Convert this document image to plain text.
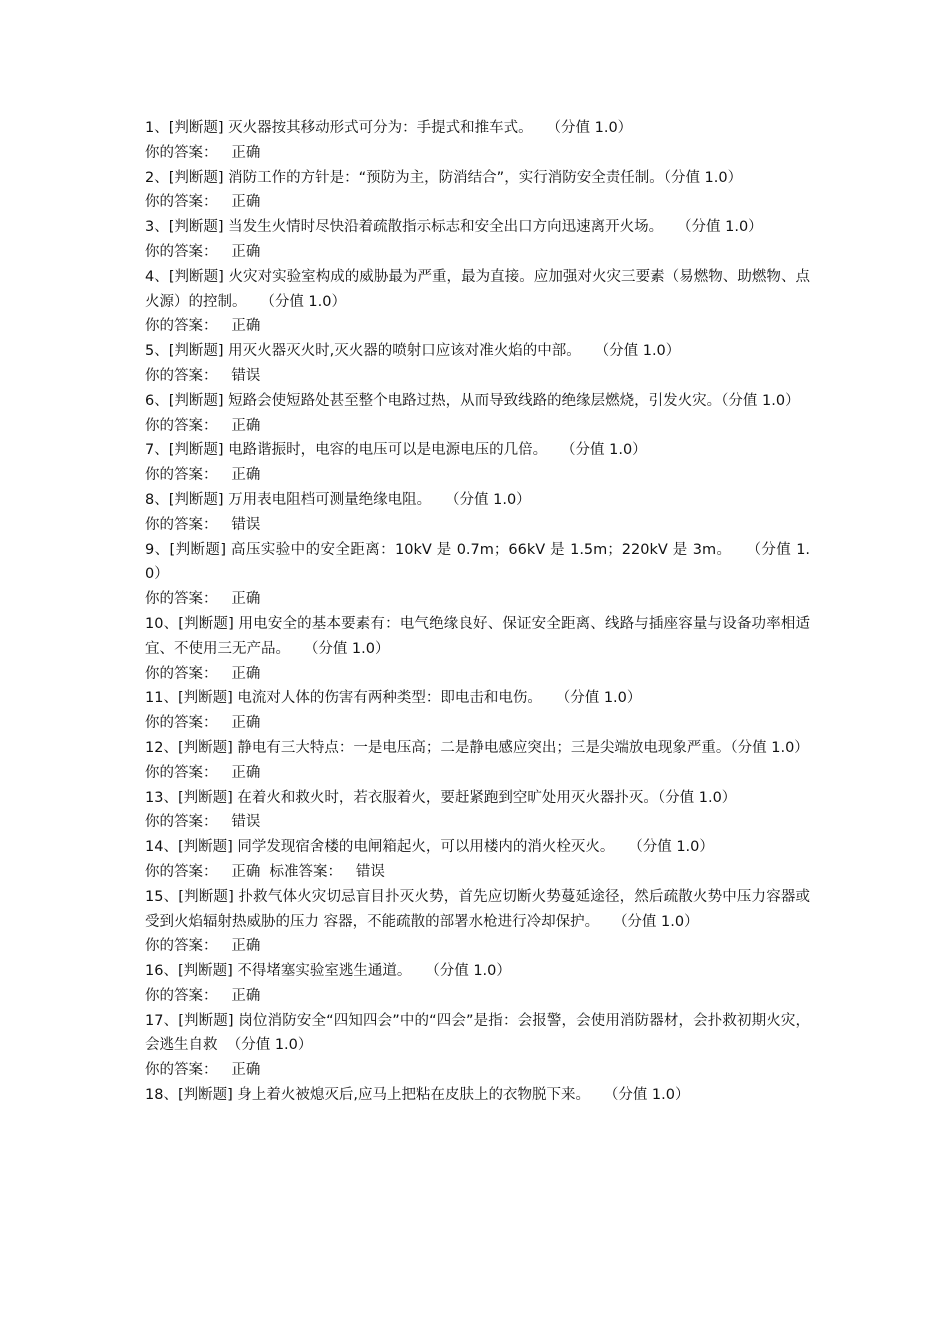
1、[判断题] 灭火器按其移动形式可分为：手提式和推车式。 （分值 1.0）
你的答案： 正确
2、[判断题] 消防工作的方针是：“预防为主，防消结合”，实行消防安全责任制。（分值 1.0）
你的答案： 正确
3、[判断题] 当发生火情时尽快沿着疏散指示标志和安全出口方向迅速离开火场。 （分值 1.0）
你的答案： 正确
4、[判断题] 火灾对实验室构成的威胁最为严重，最为直接。应加强对火灾三要素（易燃物、助燃物、点火源）的控制。 （分值 1.0）
你的答案： 正确
5、[判断题] 用灭火器灭火时,灭火器的喷射口应该对准火焰的中部。 （分值 1.0）
你的答案： 错误
6、[判断题] 短路会使短路处甚至整个电路过热，从而导致线路的绝缘层燃烧，引发火灾。（分值 1.0）
你的答案： 正确
7、[判断题] 电路谐振时，电容的电压可以是电源电压的几倍。 （分值 1.0）
你的答案： 正确
8、[判断题] 万用表电阻档可测量绝缘电阻。 （分值 1.0）
你的答案： 错误
9、[判断题] 高压实验中的安全距离：10kV 是 0.7m；66kV 是 1.5m；220kV 是 3m。 （分值 1.0）
你的答案： 正确
10、[判断题] 用电安全的基本要素有：电气绝缘良好、保证安全距离、线路与插座容量与设备功率相适宜、不使用三无产品。 （分值 1.0）
你的答案： 正确
11、[判断题] 电流对人体的伤害有两种类型：即电击和电伤。 （分值 1.0）
你的答案： 正确
12、[判断题] 静电有三大特点：一是电压高；二是静电感应突出；三是尖端放电现象严重。（分值 1.0）
你的答案： 正确
13、[判断题] 在着火和救火时，若衣服着火，要赶紧跑到空旷处用灭火器扑灭。（分值 1.0）
你的答案： 错误
14、[判断题] 同学发现宿舍楼的电闸箱起火，可以用楼内的消火栓灭火。 （分值 1.0）
你的答案： 正确 标准答案： 错误
15、[判断题] 扑救气体火灾切忌盲目扑灭火势，首先应切断火势蔓延途径，然后疏散火势中压力容器或受到火焰辐射热威胁的压力 容器，不能疏散的部署水枪进行冷却保护。 （分值 1.0）
你的答案： 正确
16、[判断题] 不得堵塞实验室逃生通道。 （分值 1.0）
你的答案： 正确
17、[判断题] 岗位消防安全“四知四会”中的“四会”是指：会报警，会使用消防器材，会扑救初期火灾，会逃生自救 （分值 1.0）
你的答案： 正确
18、[判断题] 身上着火被熄灭后,应马上把粘在皮肤上的衣物脱下来。 （分值 1.0）
